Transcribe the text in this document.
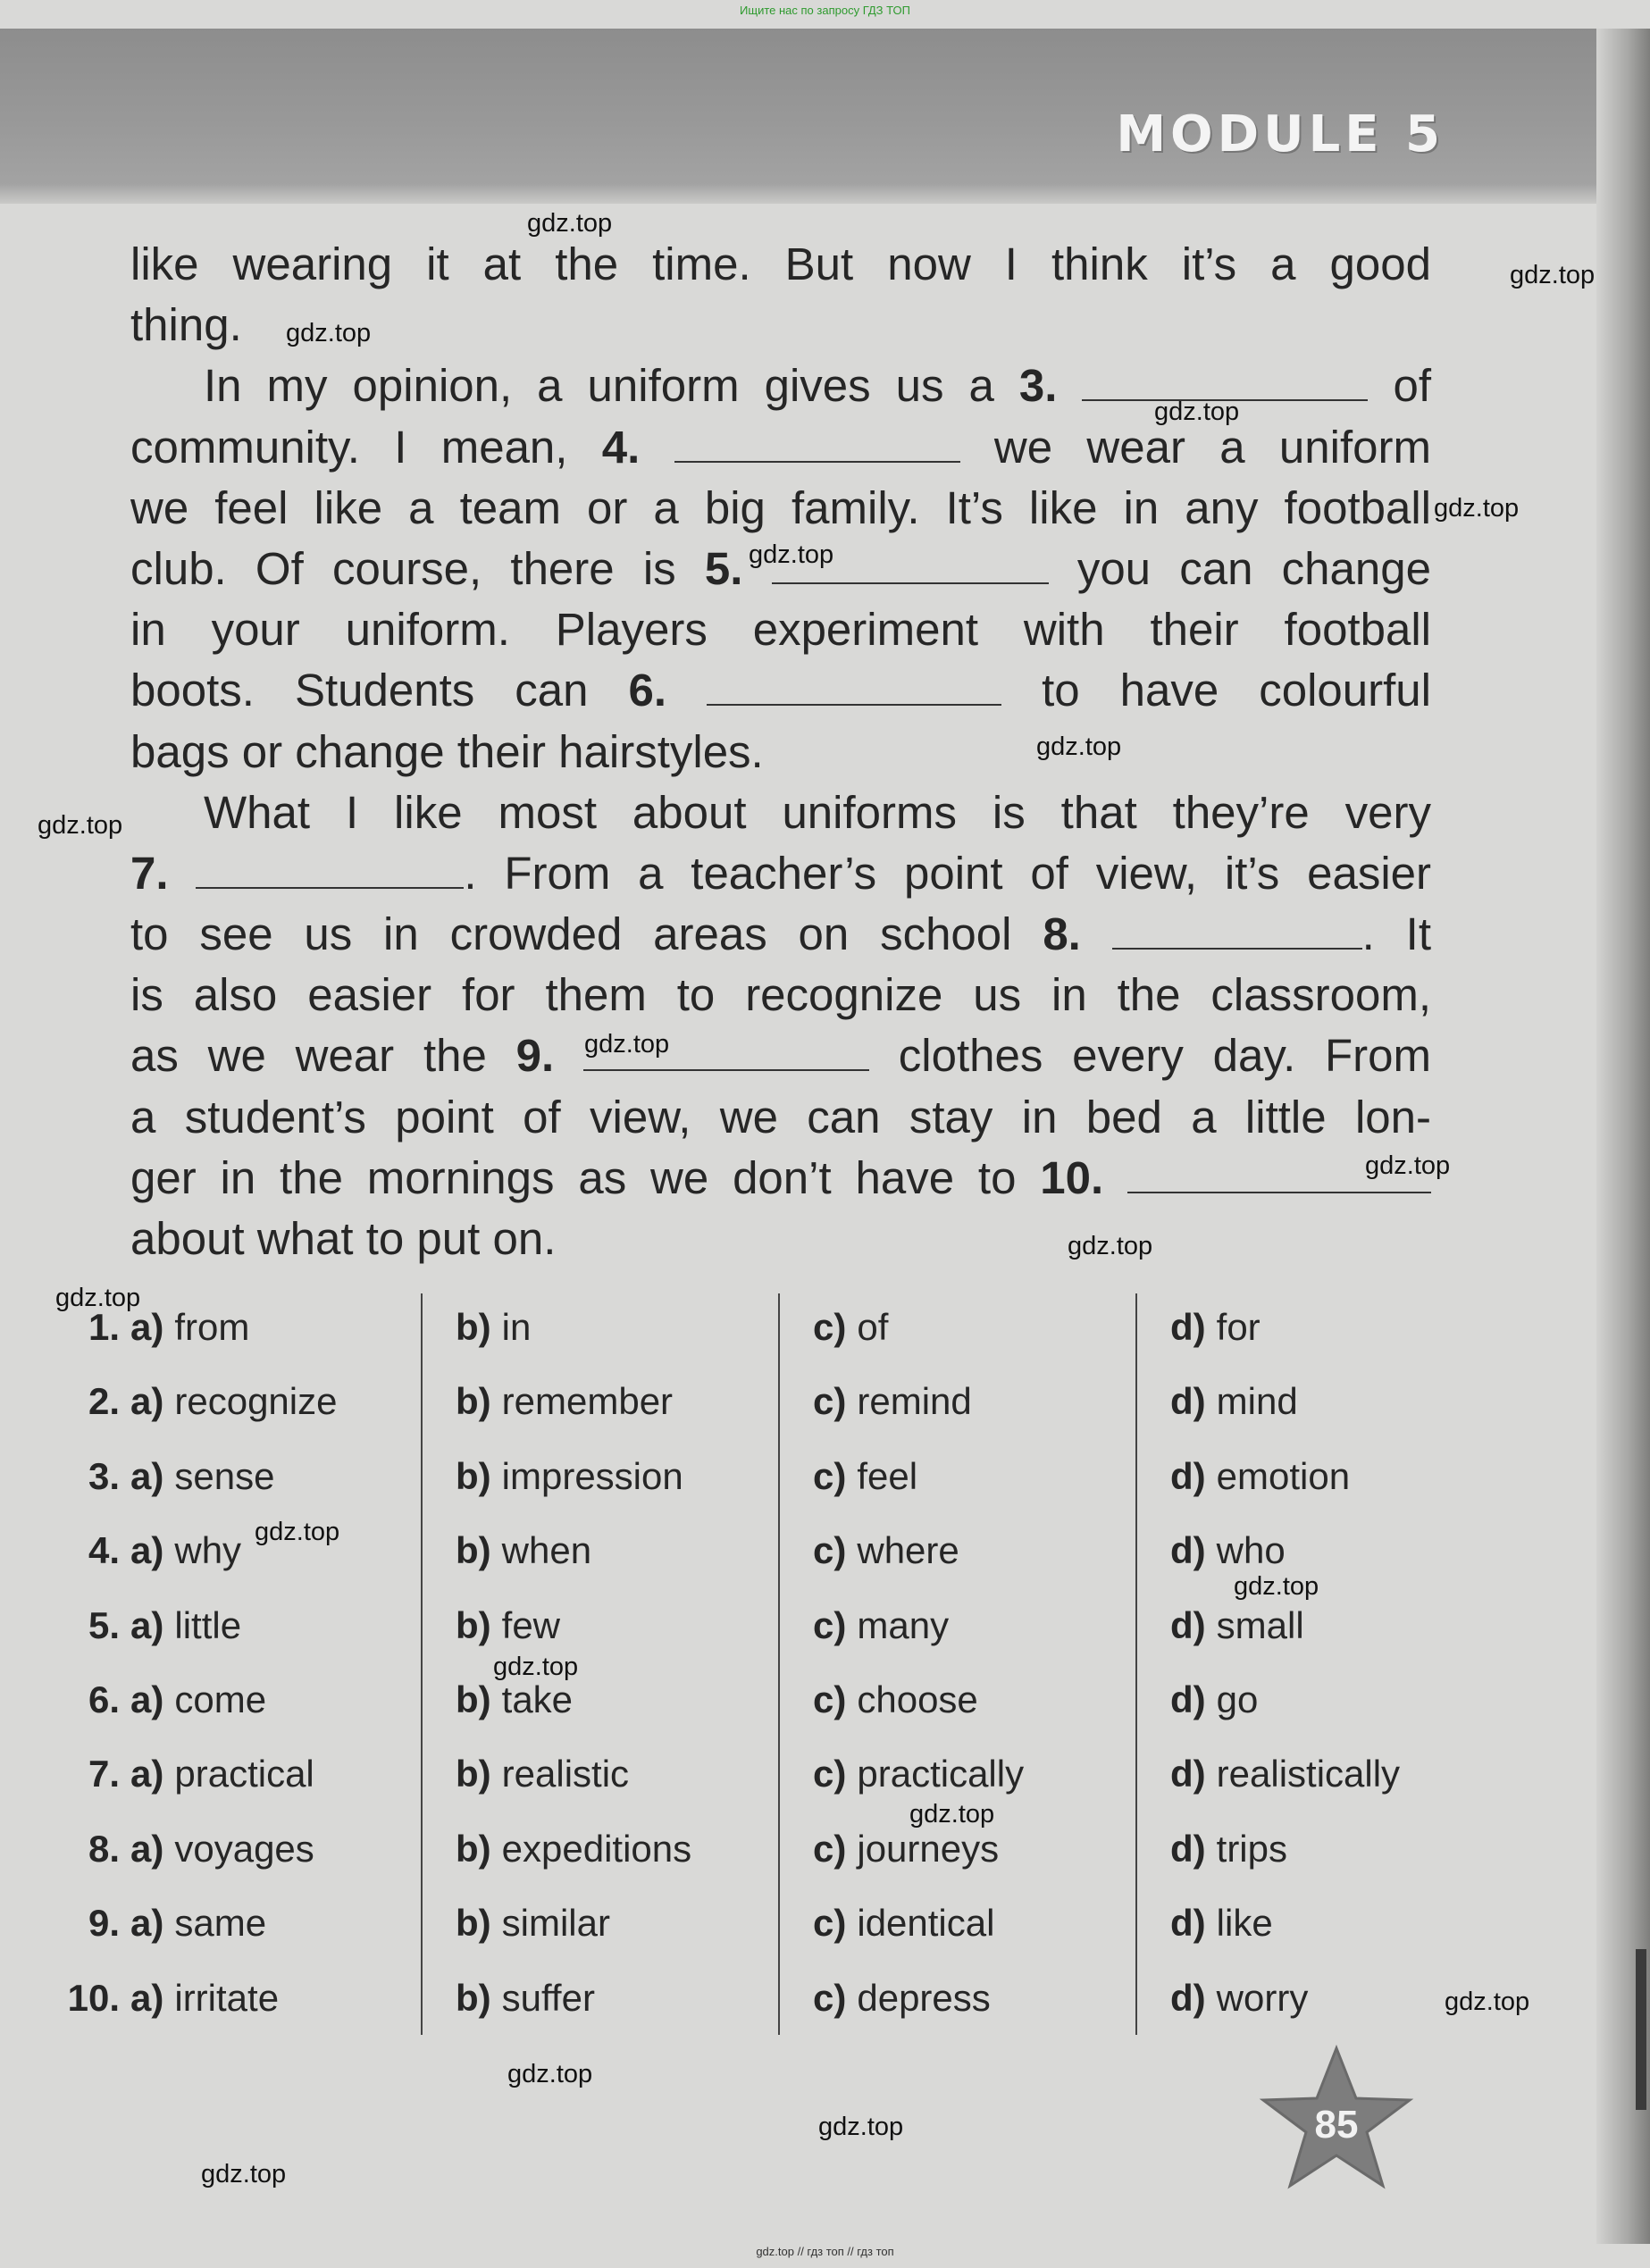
Ищите нас по запросу ГДЗ ТОП
MODULE 5
like wearing it at the time. But now I think it’s a good
thing.
In my opinion, a uniform gives us a 3.	of
community. I mean, 4.	we wear a uniform
we feel like a team or a big family. It’s like in any football
club. Of course, there is 5.	you can change
in your uniform. Players experiment with their football
boots. Students can 6.	to have colourful
bags or change their hairstyles.
What I like most about uniforms is that they’re very
7.	. From a teacher’s point of view, it’s easier
to see us in crowded areas on school 8.	. It
is also easier for them to recognize us in the classroom,
as we wear the 9.	clothes every day. From
a student’s point of view, we can stay in bed a little lon-
ger in the mornings as we don’t have to 10.
about what to put on.
1. a) from	b) in	c) of	d) for
2. a) recognize	b) remember	c) remind	d) mind
3. a) sense	b) impression	c) feel	d) emotion
4. a) why	b) when	c) where	d) who
5. a) little	b) few	c) many	d) small
6. a) come	b) take	c) choose	d) go
7. a) practical	b) realistic	c) practically	d) realistically
8. a) voyages	b) expeditions	c) journeys	d) trips
9. a) same	b) similar	c) identical	d) like
10. a) irritate	b) suffer	c) depress	d) worry
85
gdz.top
gdz.top
gdz.top
gdz.top
gdz.top
gdz.top
gdz.top
gdz.top
gdz.top
gdz.top
gdz.top
gdz.top
gdz.top
gdz.top
gdz.top
gdz.top
gdz.top
gdz.top
gdz.top
gdz.top
gdz.top // гдз топ // гдз топ
